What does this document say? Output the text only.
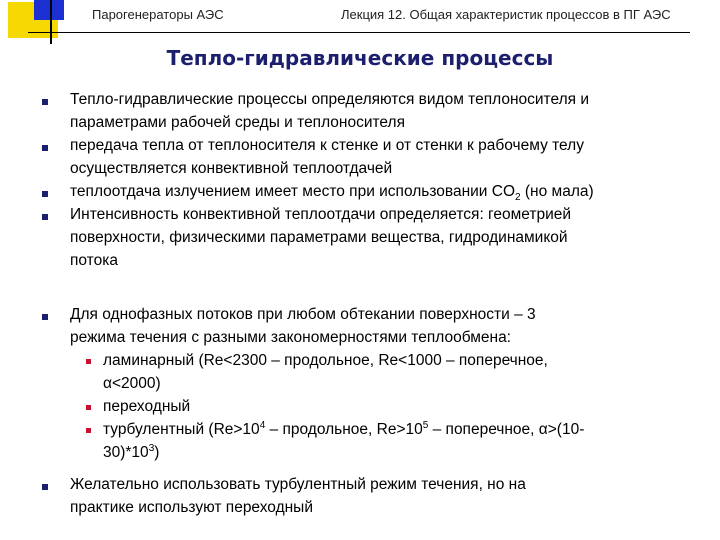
Парогенераторы АЭС	Лекция 12. Общая характеристик процессов в ПГ АЭС
Тепло-гидравлические процессы
Тепло-гидравлические процессы определяются видом теплоносителя и
параметрами рабочей среды и теплоносителя
передача тепла от теплоносителя к стенке и от стенки к рабочему телу
осуществляется конвективной теплоотдачей
теплоотдача излучением имеет место при использовании $CO_2$ (но мала)
Интенсивность конвективной теплоотдачи определяется: геометрией
поверхности, физическими параметрами вещества, гидродинамикой
потока
Для однофазных потоков при любом обтекании поверхности – 3
режима течения с разными закономерностями теплообмена:
ламинарный (Re<2300 – продольное, Re<1000 – поперечное,
α<2000)
переходный
турбулентный ($Re>10^4$ – продольное, $Re>10^5$ – поперечное, α>(10-
$30)*10^3$)
Желательно использовать турбулентный режим течения, но на
практике используют переходный
